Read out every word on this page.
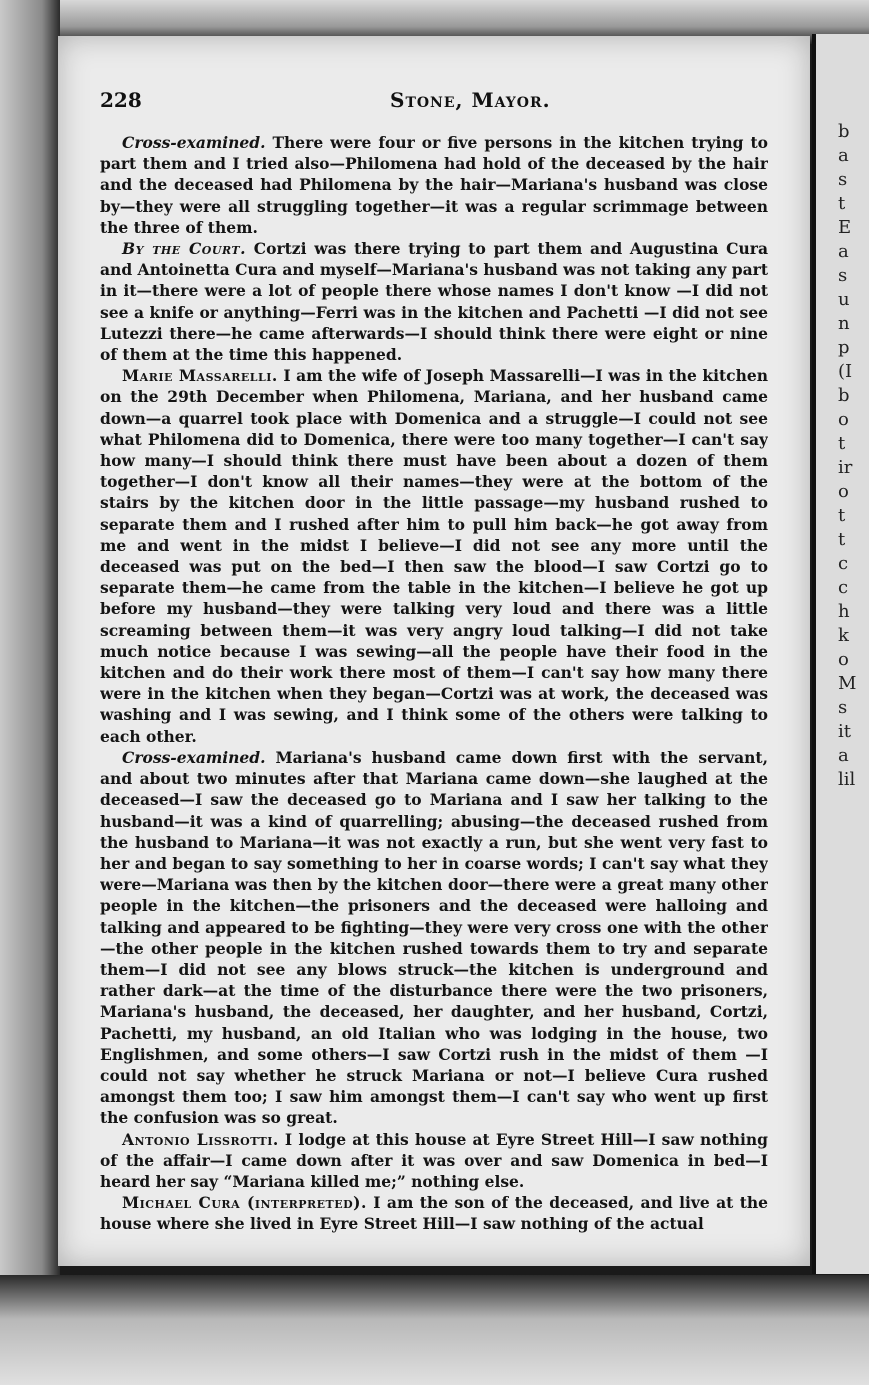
b
a
s
t
E
a
s
u
n
p
(I
b
o
t
ir
o
t
t
c
c
h
k
o
M
s
it
a
lil
228	Stone, Mayor.

Cross-examined. There were four or five persons in the kitchen trying to part them and I tried also—Philomena had hold of the deceased by the hair and the deceased had Philomena by the hair—Mariana's husband was close by—they were all struggling together—it was a regular scrimmage between the three of them.

By the Court. Cortzi was there trying to part them and Augustina Cura and Antoinetta Cura and myself—Mariana's husband was not taking any part in it—there were a lot of people there whose names I don't know —I did not see a knife or anything—Ferri was in the kitchen and Pachetti —I did not see Lutezzi there—he came afterwards—I should think there were eight or nine of them at the time this happened.

Marie Massarelli. I am the wife of Joseph Massarelli—I was in the kitchen on the 29th December when Philomena, Mariana, and her husband came down—a quarrel took place with Domenica and a struggle—I could not see what Philomena did to Domenica, there were too many together—I can't say how many—I should think there must have been about a dozen of them together—I don't know all their names—they were at the bottom of the stairs by the kitchen door in the little passage—my husband rushed to separate them and I rushed after him to pull him back—he got away from me and went in the midst I believe—I did not see any more until the deceased was put on the bed—I then saw the blood—I saw Cortzi go to separate them—he came from the table in the kitchen—I believe he got up before my husband—they were talking very loud and there was a little screaming between them—it was very angry loud talking—I did not take much notice because I was sewing—all the people have their food in the kitchen and do their work there most of them—I can't say how many there were in the kitchen when they began—Cortzi was at work, the deceased was washing and I was sewing, and I think some of the others were talking to each other.

Cross-examined. Mariana's husband came down first with the servant, and about two minutes after that Mariana came down—she laughed at the deceased—I saw the deceased go to Mariana and I saw her talking to the husband—it was a kind of quarrelling; abusing—the deceased rushed from the husband to Mariana—it was not exactly a run, but she went very fast to her and began to say something to her in coarse words; I can't say what they were—Mariana was then by the kitchen door—there were a great many other people in the kitchen—the prisoners and the deceased were halloing and talking and appeared to be fighting—they were very cross one with the other—the other people in the kitchen rushed towards them to try and separate them—I did not see any blows struck—the kitchen is underground and rather dark—at the time of the disturbance there were the two prisoners, Mariana's husband, the deceased, her daughter, and her husband, Cortzi, Pachetti, my husband, an old Italian who was lodging in the house, two Englishmen, and some others—I saw Cortzi rush in the midst of them —I could not say whether he struck Mariana or not—I believe Cura rushed amongst them too; I saw him amongst them—I can't say who went up first the confusion was so great.

Antonio Lissrotti. I lodge at this house at Eyre Street Hill—I saw nothing of the affair—I came down after it was over and saw Domenica in bed—I heard her say “Mariana killed me;” nothing else.

Michael Cura (interpreted). I am the son of the deceased, and live at the house where she lived in Eyre Street Hill—I saw nothing of the actual
